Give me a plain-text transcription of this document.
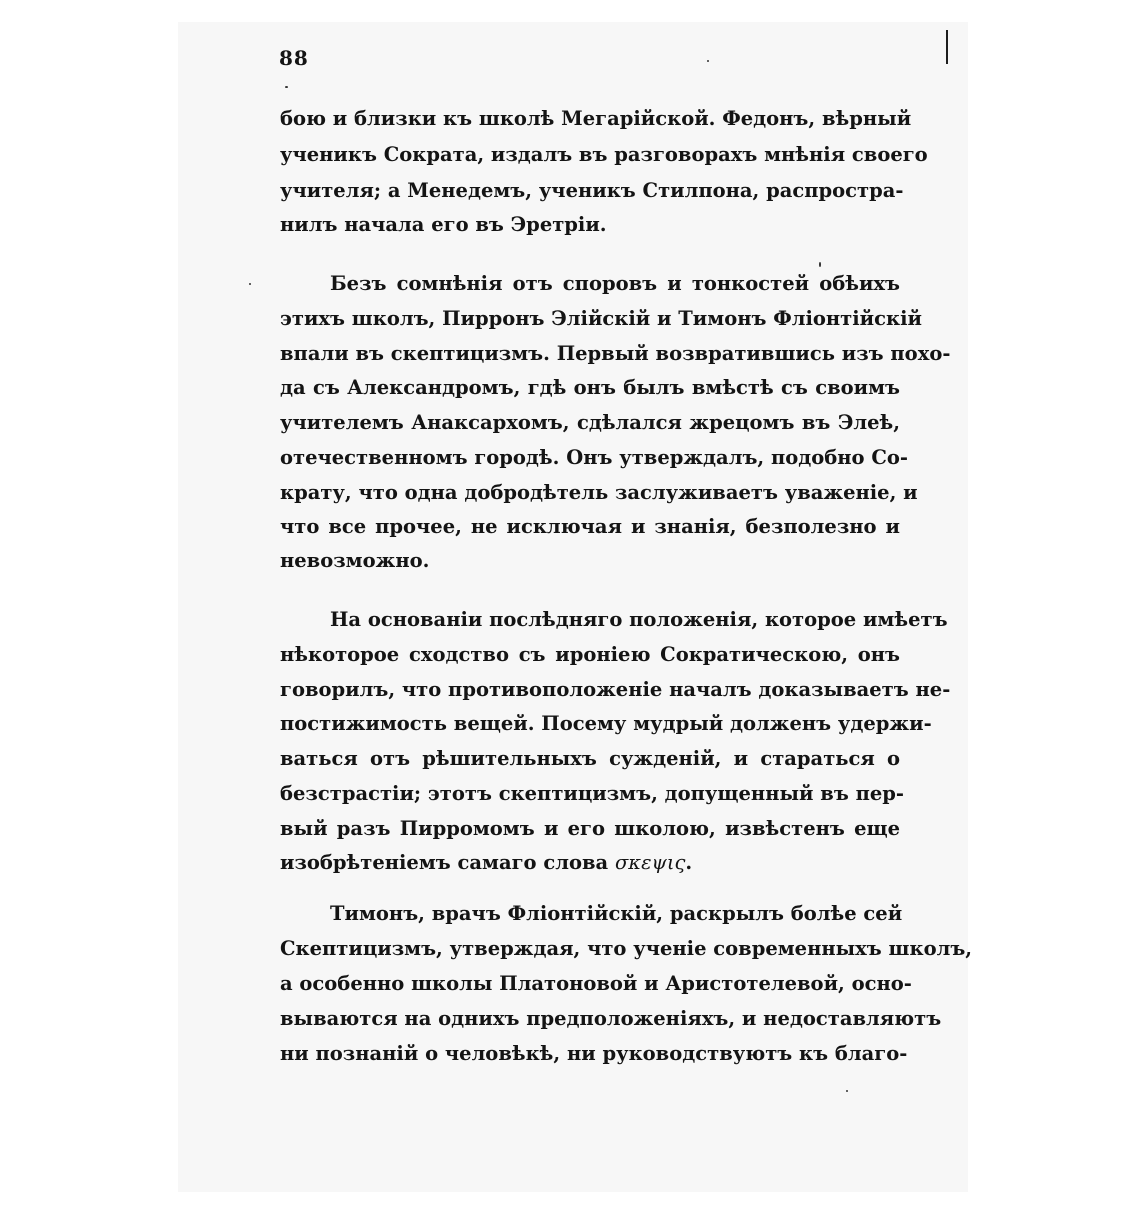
88
бою и близки къ школѣ Мегарійской. Федонъ, вѣрный
ученикъ Сократа, издалъ въ разговорахъ мнѣнія своего
учителя; а Менедемъ, ученикъ Стилпона, распростра-
нилъ начала его въ Эретріи.
Безъ сомнѣнія отъ споровъ и тонкостей обѣихъ
этихъ школъ, Пирронъ Элійскій и Тимонъ Фліонтійскій
впали въ скептицизмъ. Первый возвратившись изъ похо-
да съ Александромъ, гдѣ онъ былъ вмѣстѣ съ своимъ
учителемъ Анаксархомъ, сдѣлался жрецомъ въ Элеѣ,
отечественномъ городѣ. Онъ утверждалъ, подобно Со-
крату, что одна добродѣтель заслуживаетъ уваженіе, и
что все прочее, не исключая и знанія, безполезно и
невозможно.
На основаніи послѣдняго положенія, которое имѣетъ
нѣкоторое сходство съ ироніею Сократическою, онъ
говорилъ, что противоположеніе началъ доказываетъ не-
постижимость вещей. Посему мудрый долженъ удержи-
ваться отъ рѣшительныхъ сужденій, и стараться о
безстрастіи; этотъ скептицизмъ, допущенный въ пер-
вый разъ Пирромомъ и его школою, извѣстенъ еще
изобрѣтеніемъ самаго слова σκεψις.
Тимонъ, врачъ Фліонтійскій, раскрылъ болѣе сей
Скептицизмъ, утверждая, что ученіе современныхъ школъ,
а особенно школы Платоновой и Аристотелевой, осно-
вываются на однихъ предположеніяхъ, и недоставляютъ
ни познаній о человѣкѣ, ни руководствуютъ къ благо-
